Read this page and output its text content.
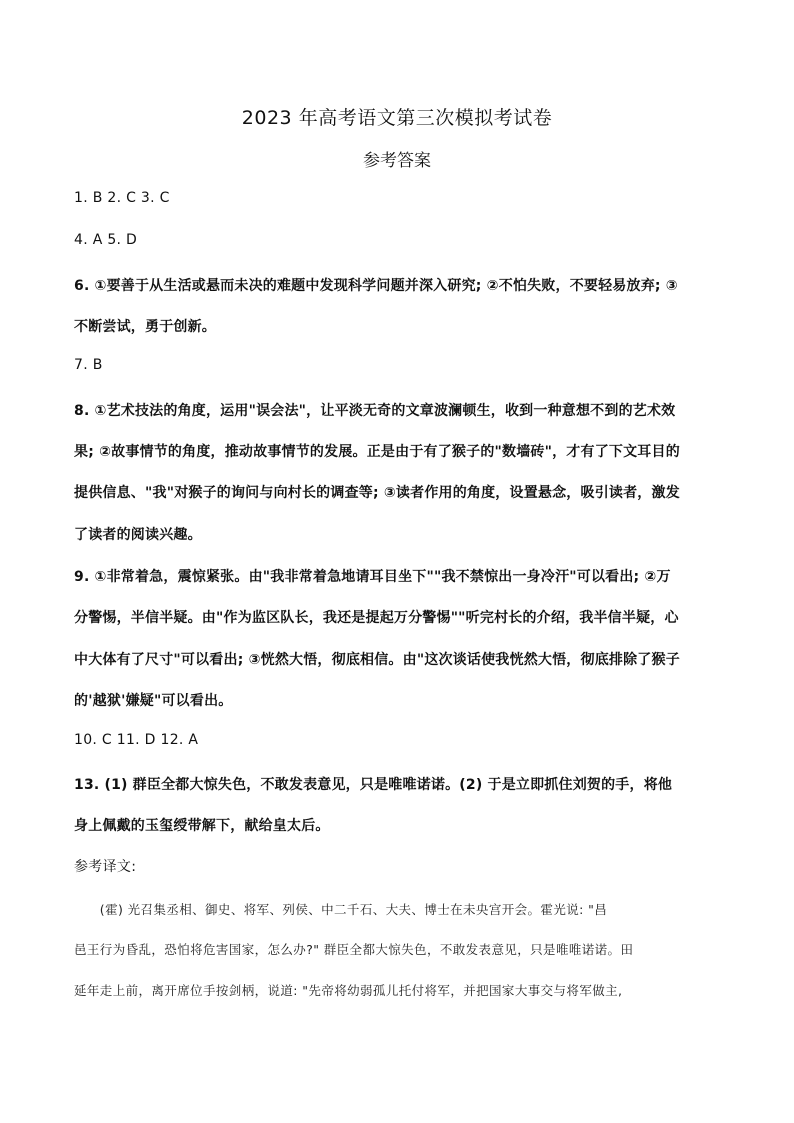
2023 年高考语文第三次模拟考试卷
参考答案
1. B 2. C 3. C
4. A 5. D
6. ①要善于从生活或悬而未决的难题中发现科学问题并深入研究; ②不怕失败，不要轻易放弃; ③
不断尝试，勇于创新。
7. B
8. ①艺术技法的角度，运用"误会法"，让平淡无奇的文章波澜顿生，收到一种意想不到的艺术效
果; ②故事情节的角度，推动故事情节的发展。正是由于有了猴子的"数墙砖"，才有了下文耳目的
提供信息、"我"对猴子的询问与向村长的调查等; ③读者作用的角度，设置悬念，吸引读者，激发
了读者的阅读兴趣。
9. ①非常着急，震惊紧张。由"我非常着急地请耳目坐下""我不禁惊出一身冷汗"可以看出; ②万
分警惕，半信半疑。由"作为监区队长，我还是提起万分警惕""听完村长的介绍，我半信半疑，心
中大体有了尺寸"可以看出; ③恍然大悟，彻底相信。由"这次谈话使我恍然大悟，彻底排除了猴子
的'越狱'嫌疑"可以看出。
10. C 11. D 12. A
13. (1) 群臣全都大惊失色，不敢发表意见，只是唯唯诺诺。(2) 于是立即抓住刘贺的手，将他
身上佩戴的玉玺绶带解下，献给皇太后。
参考译文:
　　(霍) 光召集丞相、御史、将军、列侯、中二千石、大夫、博士在未央宫开会。霍光说: "昌
邑王行为昏乱，恐怕将危害国家，怎么办?" 群臣全都大惊失色，不敢发表意见，只是唯唯诺诺。田
延年走上前，离开席位手按剑柄，说道: "先帝将幼弱孤儿托付将军，并把国家大事交与将军做主,
